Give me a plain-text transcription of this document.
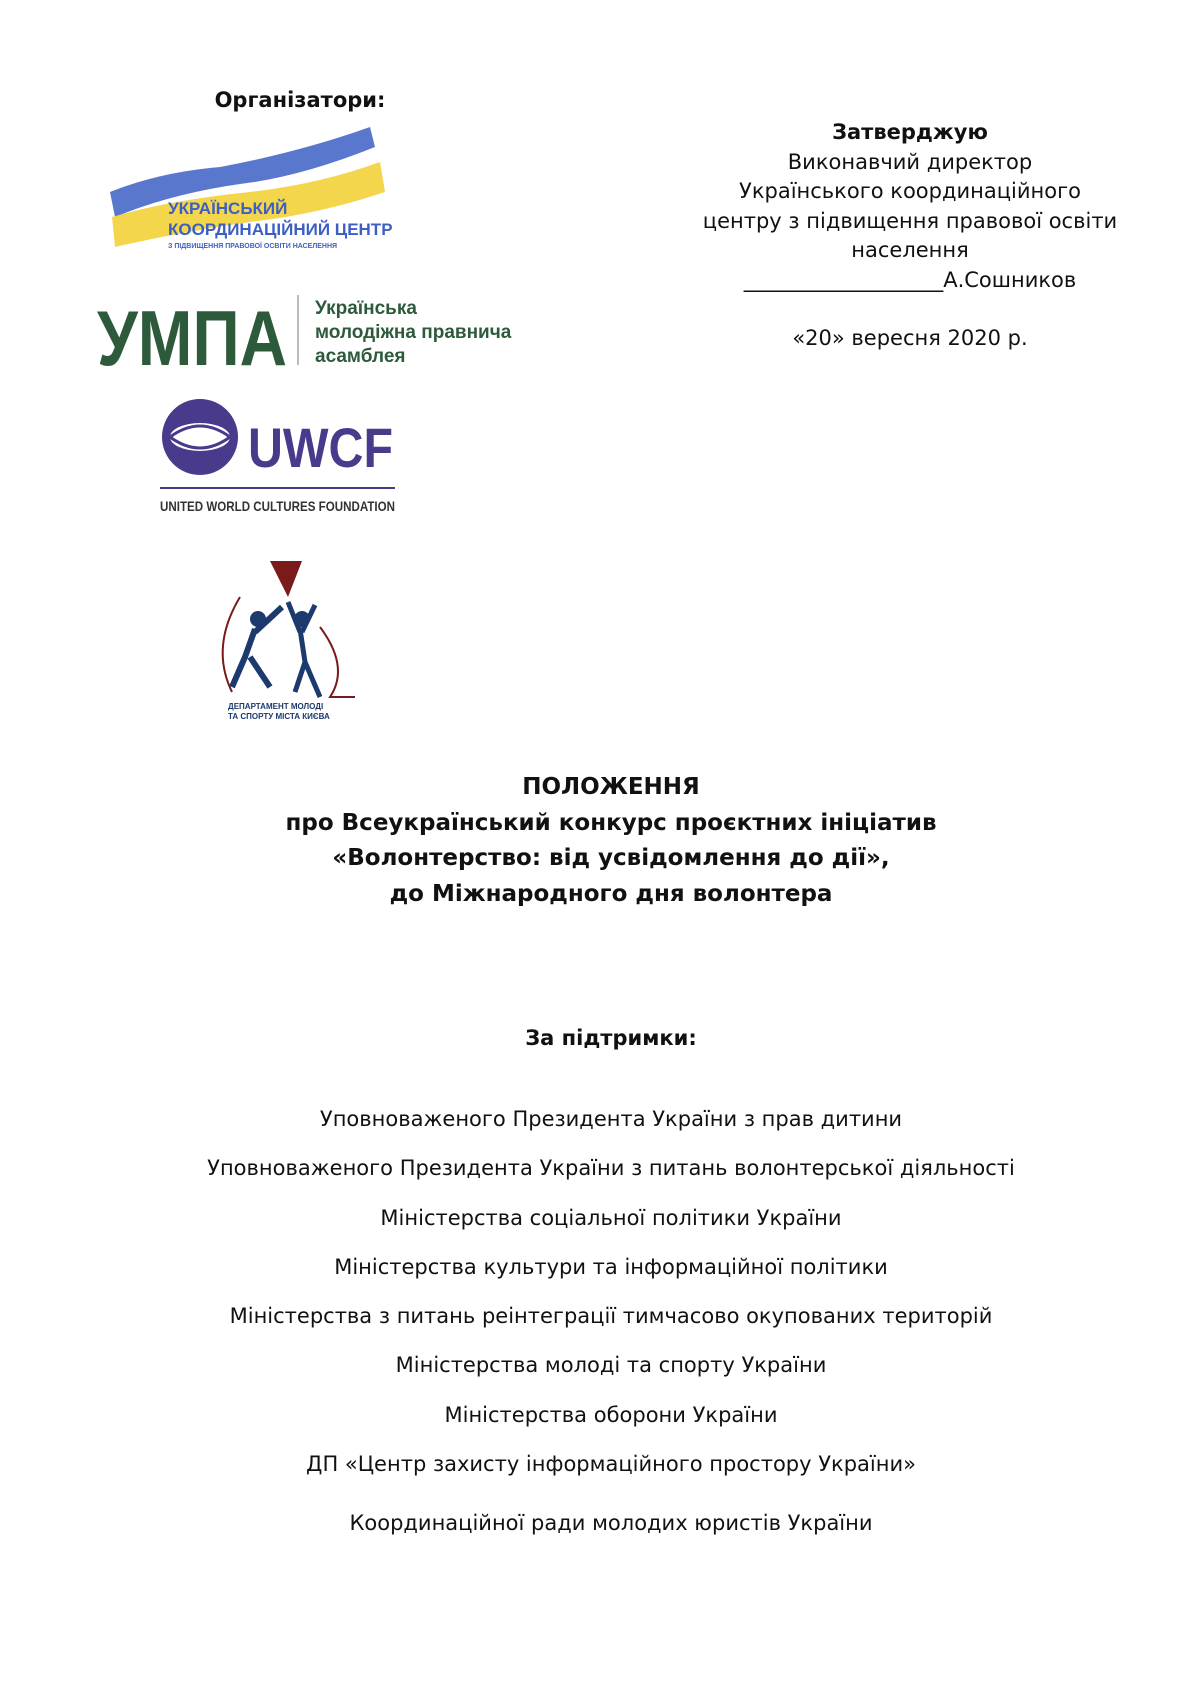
Організатори:
УКРАЇНСЬКИЙ
КООРДИНАЦІЙНИЙ ЦЕНТР
З ПІДВИЩЕННЯ ПРАВОВОЇ ОСВІТИ НАСЕЛЕННЯ
УМПА Українська
молодіжна правнича
асамблея
UWCF
UNITED WORLD CULTURES FOUNDATION
ДЕПАРТАМЕНТ МОЛОДІ
ТА СПОРТУ МІСТА КИЄВА
Затверджую
Виконавчий директор
Українського координаційного
центру з підвищення правової освіти
населення
___________________А.Сошников
«20» вересня 2020 р.
ПОЛОЖЕННЯ
про Всеукраїнський конкурс проєктних ініціатив
«Волонтерство: від усвідомлення до дії»,
до Міжнародного дня волонтера
За підтримки:
Уповноваженого Президента України з прав дитини
Уповноваженого Президента України з питань волонтерської діяльності
Міністерства соціальної політики України
Міністерства культури та інформаційної політики
Міністерства з питань реінтеграції тимчасово окупованих територій
Міністерства молоді та спорту України
Міністерства оборони України
ДП «Центр захисту інформаційного простору України»
Координаційної ради молодих юристів України
